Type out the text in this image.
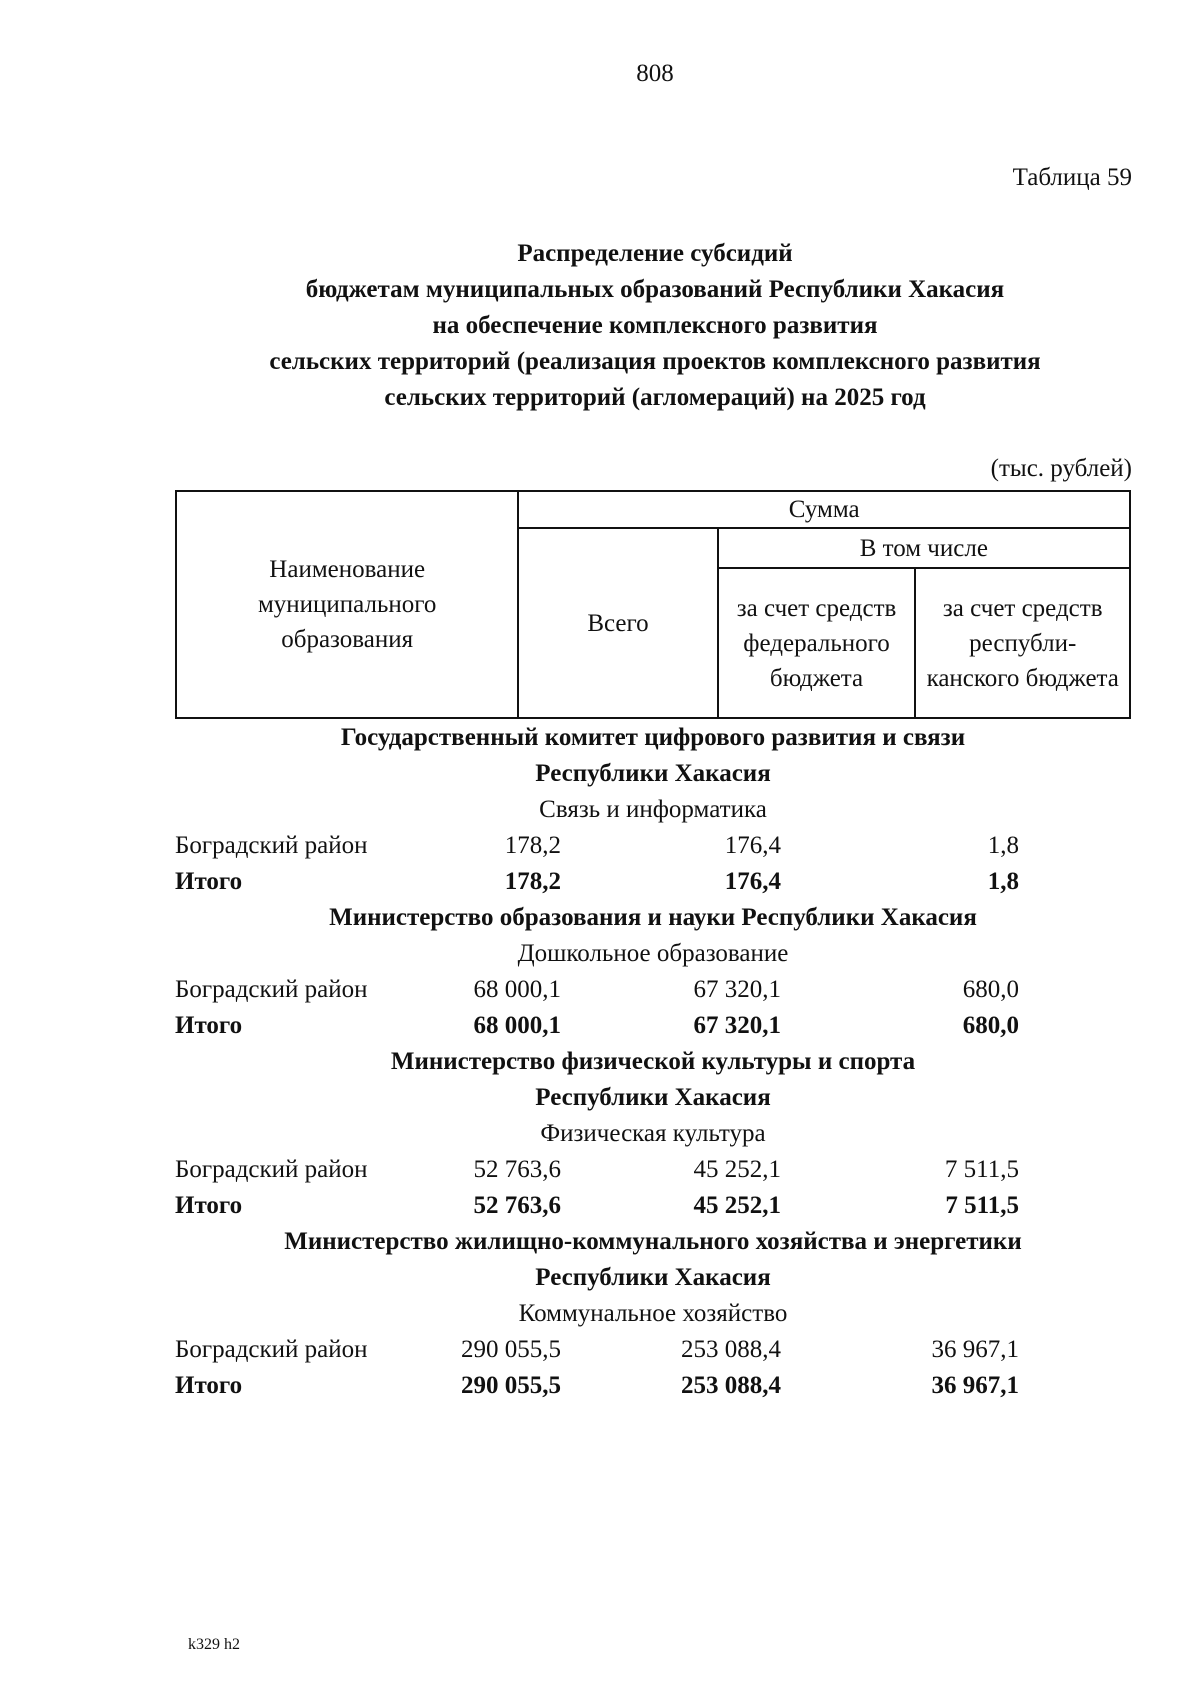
808
Таблица 59
Распределение субсидий
бюджетам муниципальных образований Республики Хакасия
на обеспечение комплексного развития
сельских территорий (реализация проектов комплексного развития
сельских территорий (агломераций) на 2025 год
(тыс. рублей)
Наименование муниципального образования	Сумма		
	Всего	В том числе	
		за счет средств федерального бюджета	за счет средств республи-канского бюджета
Государственный комитет цифрового развития и связи
Республики Хакасия
Связь и информатика
Боградский район	178,2	176,4	1,8
Итого	178,2	176,4	1,8
Министерство образования и науки Республики Хакасия
Дошкольное образование
Боградский район	68 000,1	67 320,1	680,0
Итого	68 000,1	67 320,1	680,0
Министерство физической культуры и спорта
Республики Хакасия
Физическая культура
Боградский район	52 763,6	45 252,1	7 511,5
Итого	52 763,6	45 252,1	7 511,5
Министерство жилищно-коммунального хозяйства и энергетики
Республики Хакасия
Коммунальное хозяйство
Боградский район	290 055,5	253 088,4	36 967,1
Итого	290 055,5	253 088,4	36 967,1
k329 h2
